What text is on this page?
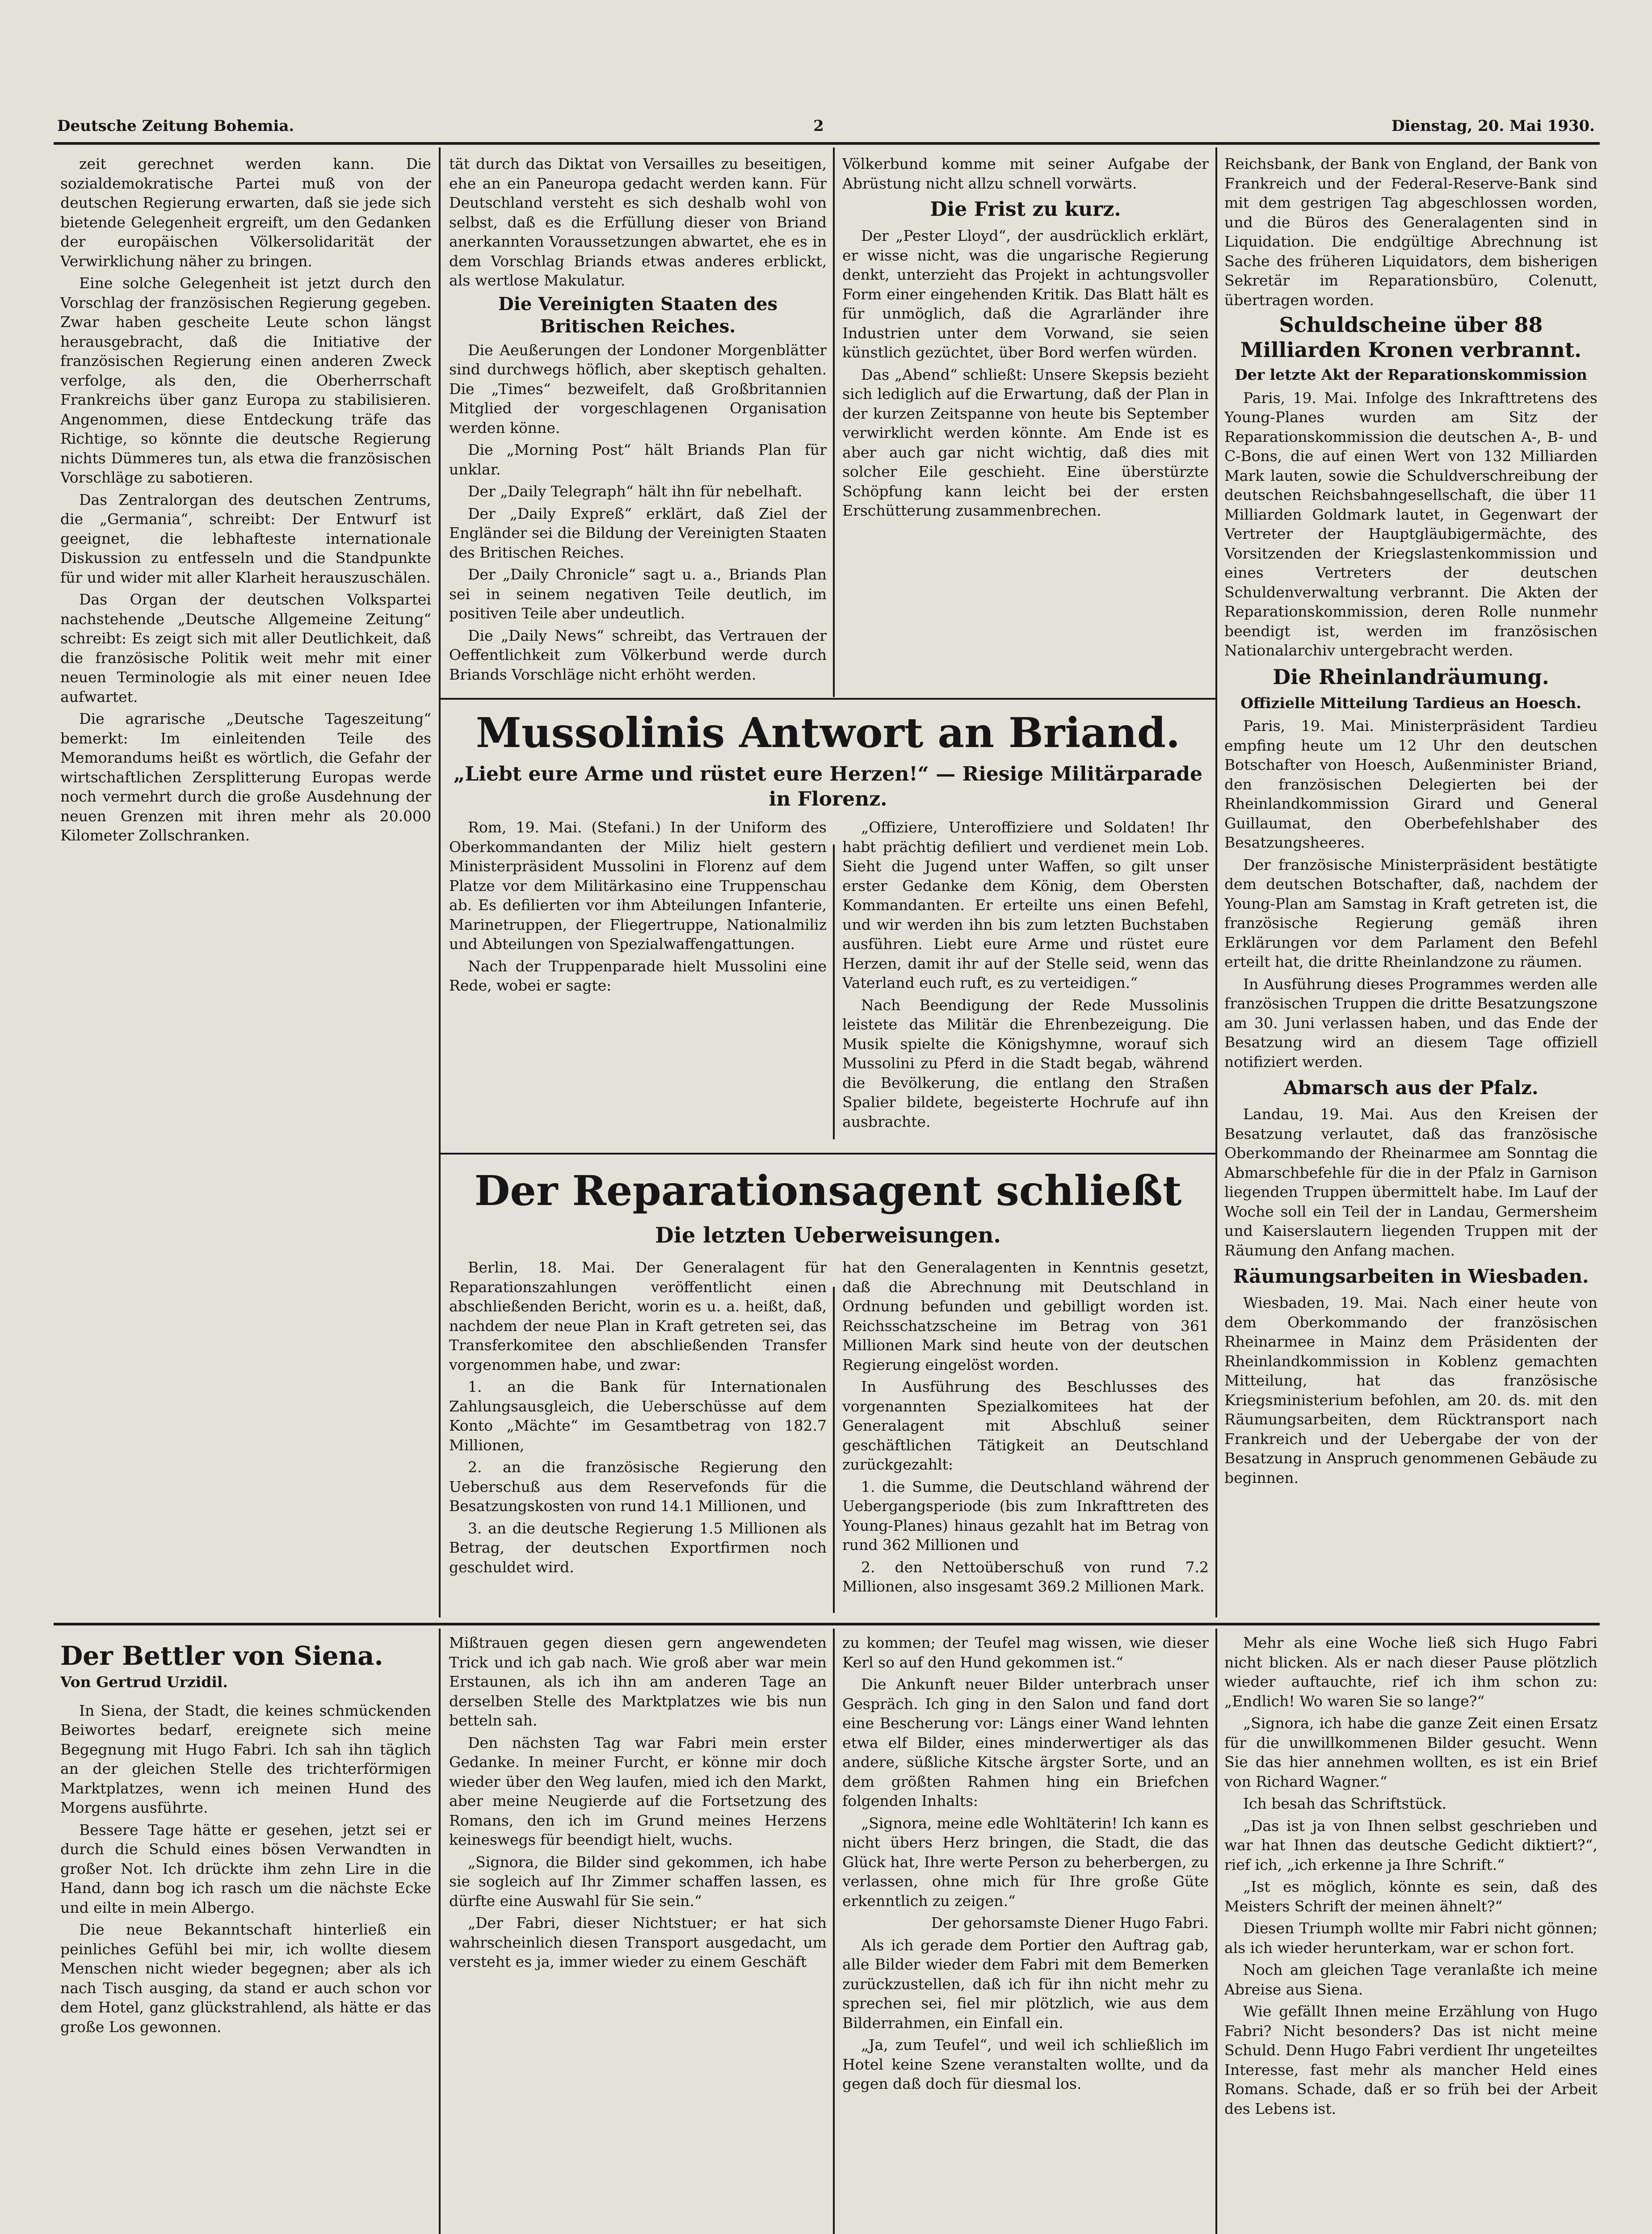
Deutsche Zeitung Bohemia.	2	Dienstag, 20. Mai 1930.

zeit gerechnet werden kann. Die sozialdemokratische Partei muß von der deutschen Regierung erwarten, daß sie jede sich bietende Gelegenheit ergreift, um den Gedanken der europäischen Völkersolidarität der Verwirklichung näher zu bringen.

Eine solche Gelegenheit ist jetzt durch den Vorschlag der französischen Regierung gegeben. Zwar haben gescheite Leute schon längst herausgebracht, daß die Initiative der französischen Regierung einen anderen Zweck verfolge, als den, die Oberherrschaft Frankreichs über ganz Europa zu stabilisieren. Angenommen, diese Entdeckung träfe das Richtige, so könnte die deutsche Regierung nichts Dümmeres tun, als etwa die französischen Vorschläge zu sabotieren.

Das Zentralorgan des deutschen Zentrums, die „Germania“, schreibt: Der Entwurf ist geeignet, die lebhafteste internationale Diskussion zu entfesseln und die Standpunkte für und wider mit aller Klarheit herauszuschälen.

Das Organ der deutschen Volkspartei nachstehende „Deutsche Allgemeine Zeitung“ schreibt: Es zeigt sich mit aller Deutlichkeit, daß die französische Politik weit mehr mit einer neuen Terminologie als mit einer neuen Idee aufwartet.

Die agrarische „Deutsche Tageszeitung“ bemerkt: Im einleitenden Teile des Memorandums heißt es wörtlich, die Gefahr der wirtschaftlichen Zersplitterung Europas werde noch vermehrt durch die große Ausdehnung der neuen Grenzen mit ihren mehr als 20.000 Kilometer Zollschranken.

tät durch das Diktat von Versailles zu beseitigen, ehe an ein Paneuropa gedacht werden kann. Für Deutschland versteht es sich deshalb wohl von selbst, daß es die Erfüllung dieser von Briand anerkannten Voraussetzungen abwartet, ehe es in dem Vorschlag Briands etwas anderes erblickt, als wertlose Makulatur.

Die Vereinigten Staaten des Britischen Reiches.

Die Aeußerungen der Londoner Morgenblätter sind durchwegs höflich, aber skeptisch gehalten. Die „Times“ bezweifelt, daß Großbritannien Mitglied der vorgeschlagenen Organisation werden könne.

Die „Morning Post“ hält Briands Plan für unklar.

Der „Daily Telegraph“ hält ihn für nebelhaft.

Der „Daily Expreß“ erklärt, daß Ziel der Engländer sei die Bildung der Vereinigten Staaten des Britischen Reiches.

Der „Daily Chronicle“ sagt u. a., Briands Plan sei in seinem negativen Teile deutlich, im positiven Teile aber undeutlich.

Die „Daily News“ schreibt, das Vertrauen der Oeffentlichkeit zum Völkerbund werde durch Briands Vorschläge nicht erhöht werden.

Völkerbund komme mit seiner Aufgabe der Abrüstung nicht allzu schnell vorwärts.

Die Frist zu kurz.

Der „Pester Lloyd“, der ausdrücklich erklärt, er wisse nicht, was die ungarische Regierung denkt, unterzieht das Projekt in achtungsvoller Form einer eingehenden Kritik. Das Blatt hält es für unmöglich, daß die Agrarländer ihre Industrien unter dem Vorwand, sie seien künstlich gezüchtet, über Bord werfen würden.

Das „Abend“ schließt: Unsere Skepsis bezieht sich lediglich auf die Erwartung, daß der Plan in der kurzen Zeitspanne von heute bis September verwirklicht werden könnte. Am Ende ist es aber auch gar nicht wichtig, daß dies mit solcher Eile geschieht. Eine überstürzte Schöpfung kann leicht bei der ersten Erschütterung zusammenbrechen.

Reichsbank, der Bank von England, der Bank von Frankreich und der Federal-Reserve-Bank sind mit dem gestrigen Tag abgeschlossen worden, und die Büros des Generalagenten sind in Liquidation. Die endgültige Abrechnung ist Sache des früheren Liquidators, dem bisherigen Sekretär im Reparationsbüro, Colenutt, übertragen worden.

Schuldscheine über 88 Milliarden Kronen verbrannt.
Der letzte Akt der Reparationskommission

Paris, 19. Mai. Infolge des Inkrafttretens des Young-Planes wurden am Sitz der Reparationskommission die deutschen A-, B- und C-Bons, die auf einen Wert von 132 Milliarden Mark lauten, sowie die Schuldverschreibung der deutschen Reichsbahngesellschaft, die über 11 Milliarden Goldmark lautet, in Gegenwart der Vertreter der Hauptgläubigermächte, des Vorsitzenden der Kriegslastenkommission und eines Vertreters der deutschen Schuldenverwaltung verbrannt. Die Akten der Reparationskommission, deren Rolle nunmehr beendigt ist, werden im französischen Nationalarchiv untergebracht werden.

Die Rheinlandräumung.
Offizielle Mitteilung Tardieus an Hoesch.

Paris, 19. Mai. Ministerpräsident Tardieu empfing heute um 12 Uhr den deutschen Botschafter von Hoesch, Außenminister Briand, den französischen Delegierten bei der Rheinlandkommission Girard und General Guillaumat, den Oberbefehlshaber des Besatzungsheeres.

Der französische Ministerpräsident bestätigte dem deutschen Botschafter, daß, nachdem der Young-Plan am Samstag in Kraft getreten ist, die französische Regierung gemäß ihren Erklärungen vor dem Parlament den Befehl erteilt hat, die dritte Rheinlandzone zu räumen.

In Ausführung dieses Programmes werden alle französischen Truppen die dritte Besatzungszone am 30. Juni verlassen haben, und das Ende der Besatzung wird an diesem Tage offiziell notifiziert werden.

Abmarsch aus der Pfalz.

Landau, 19. Mai. Aus den Kreisen der Besatzung verlautet, daß das französische Oberkommando der Rheinarmee am Sonntag die Abmarschbefehle für die in der Pfalz in Garnison liegenden Truppen übermittelt habe. Im Lauf der Woche soll ein Teil der in Landau, Germersheim und Kaiserslautern liegenden Truppen mit der Räumung den Anfang machen.

Räumungsarbeiten in Wiesbaden.

Wiesbaden, 19. Mai. Nach einer heute von dem Oberkommando der französischen Rheinarmee in Mainz dem Präsidenten der Rheinlandkommission in Koblenz gemachten Mitteilung, hat das französische Kriegsministerium befohlen, am 20. ds. mit den Räumungsarbeiten, dem Rücktransport nach Frankreich und der Uebergabe der von der Besatzung in Anspruch genommenen Gebäude zu beginnen.

Mussolinis Antwort an Briand.
„Liebt eure Arme und rüstet eure Herzen!“ — Riesige Militärparade in Florenz.

Rom, 19. Mai. (Stefani.) In der Uniform des Oberkommandanten der Miliz hielt gestern Ministerpräsident Mussolini in Florenz auf dem Platze vor dem Militärkasino eine Truppenschau ab. Es defilierten vor ihm Abteilungen Infanterie, Marinetruppen, der Fliegertruppe, Nationalmiliz und Abteilungen von Spezialwaffengattungen.

Nach der Truppenparade hielt Mussolini eine Rede, wobei er sagte:

„Offiziere, Unteroffiziere und Soldaten! Ihr habt prächtig defiliert und verdienet mein Lob. Sieht die Jugend unter Waffen, so gilt unser erster Gedanke dem König, dem Obersten Kommandanten. Er erteilte uns einen Befehl, und wir werden ihn bis zum letzten Buchstaben ausführen. Liebt eure Arme und rüstet eure Herzen, damit ihr auf der Stelle seid, wenn das Vaterland euch ruft, es zu verteidigen.“

Nach Beendigung der Rede Mussolinis leistete das Militär die Ehrenbezeigung. Die Musik spielte die Königshymne, worauf sich Mussolini zu Pferd in die Stadt begab, während die Bevölkerung, die entlang den Straßen Spalier bildete, begeisterte Hochrufe auf ihn ausbrachte.

Der Reparationsagent schließt
Die letzten Ueberweisungen.

Berlin, 18. Mai. Der Generalagent für Reparationszahlungen veröffentlicht einen abschließenden Bericht, worin es u. a. heißt, daß, nachdem der neue Plan in Kraft getreten sei, das Transferkomitee den abschließenden Transfer vorgenommen habe, und zwar:

1. an die Bank für Internationalen Zahlungsausgleich, die Ueberschüsse auf dem Konto „Mächte“ im Gesamtbetrag von 182.7 Millionen,

2. an die französische Regierung den Ueberschuß aus dem Reservefonds für die Besatzungskosten von rund 14.1 Millionen, und

3. an die deutsche Regierung 1.5 Millionen als Betrag, der deutschen Exportfirmen noch geschuldet wird.

hat den Generalagenten in Kenntnis gesetzt, daß die Abrechnung mit Deutschland in Ordnung befunden und gebilligt worden ist. Reichsschatzscheine im Betrag von 361 Millionen Mark sind heute von der deutschen Regierung eingelöst worden.

In Ausführung des Beschlusses des vorgenannten Spezialkomitees hat der Generalagent mit Abschluß seiner geschäftlichen Tätigkeit an Deutschland zurückgezahlt:

1. die Summe, die Deutschland während der Uebergangsperiode (bis zum Inkrafttreten des Young-Planes) hinaus gezahlt hat im Betrag von rund 362 Millionen und

2. den Nettoüberschuß von rund 7.2 Millionen, also insgesamt 369.2 Millionen Mark.

Der Bettler von Siena.
Von Gertrud Urzidil.

In Siena, der Stadt, die keines schmückenden Beiwortes bedarf, ereignete sich meine Begegnung mit Hugo Fabri. Ich sah ihn täglich an der gleichen Stelle des trichterförmigen Marktplatzes, wenn ich meinen Hund des Morgens ausführte.

Bessere Tage hätte er gesehen, jetzt sei er durch die Schuld eines bösen Verwandten in großer Not. Ich drückte ihm zehn Lire in die Hand, dann bog ich rasch um die nächste Ecke und eilte in mein Albergo.

Die neue Bekanntschaft hinterließ ein peinliches Gefühl bei mir, ich wollte diesem Menschen nicht wieder begegnen; aber als ich nach Tisch ausging, da stand er auch schon vor dem Hotel, ganz glückstrahlend, als hätte er das große Los gewonnen.

Mißtrauen gegen diesen gern angewendeten Trick und ich gab nach. Wie groß aber war mein Erstaunen, als ich ihn am anderen Tage an derselben Stelle des Marktplatzes wie bis nun betteln sah.

Den nächsten Tag war Fabri mein erster Gedanke. In meiner Furcht, er könne mir doch wieder über den Weg laufen, mied ich den Markt, aber meine Neugierde auf die Fortsetzung des Romans, den ich im Grund meines Herzens keineswegs für beendigt hielt, wuchs.

„Signora, die Bilder sind gekommen, ich habe sie sogleich auf Ihr Zimmer schaffen lassen, es dürfte eine Auswahl für Sie sein.“

„Der Fabri, dieser Nichtstuer; er hat sich wahrscheinlich diesen Transport ausgedacht, um versteht es ja, immer wieder zu einem Geschäft

zu kommen; der Teufel mag wissen, wie dieser Kerl so auf den Hund gekommen ist.“

Die Ankunft neuer Bilder unterbrach unser Gespräch. Ich ging in den Salon und fand dort eine Bescherung vor: Längs einer Wand lehnten etwa elf Bilder, eines minderwertiger als das andere, süßliche Kitsche ärgster Sorte, und an dem größten Rahmen hing ein Briefchen folgenden Inhalts:

„Signora, meine edle Wohltäterin! Ich kann es nicht übers Herz bringen, die Stadt, die das Glück hat, Ihre werte Person zu beherbergen, zu verlassen, ohne mich für Ihre große Güte erkenntlich zu zeigen.“

Der gehorsamste Diener Hugo Fabri.

Als ich gerade dem Portier den Auftrag gab, alle Bilder wieder dem Fabri mit dem Bemerken zurückzustellen, daß ich für ihn nicht mehr zu sprechen sei, fiel mir plötzlich, wie aus dem Bilderrahmen, ein Einfall ein.

„Ja, zum Teufel“, und weil ich schließlich im Hotel keine Szene veranstalten wollte, und da gegen daß doch für diesmal los.

Mehr als eine Woche ließ sich Hugo Fabri nicht blicken. Als er nach dieser Pause plötzlich wieder auftauchte, rief ich ihm schon zu: „Endlich! Wo waren Sie so lange?“

„Signora, ich habe die ganze Zeit einen Ersatz für die unwillkommenen Bilder gesucht. Wenn Sie das hier annehmen wollten, es ist ein Brief von Richard Wagner.“

Ich besah das Schriftstück.

„Das ist ja von Ihnen selbst geschrieben und war hat Ihnen das deutsche Gedicht diktiert?“, rief ich, „ich erkenne ja Ihre Schrift.“

„Ist es möglich, könnte es sein, daß des Meisters Schrift der meinen ähnelt?“

Diesen Triumph wollte mir Fabri nicht gönnen; als ich wieder herunterkam, war er schon fort.

Noch am gleichen Tage veranlaßte ich meine Abreise aus Siena.

Wie gefällt Ihnen meine Erzählung von Hugo Fabri? Nicht besonders? Das ist nicht meine Schuld. Denn Hugo Fabri verdient Ihr ungeteiltes Interesse, fast mehr als mancher Held eines Romans. Schade, daß er so früh bei der Arbeit des Lebens ist.
